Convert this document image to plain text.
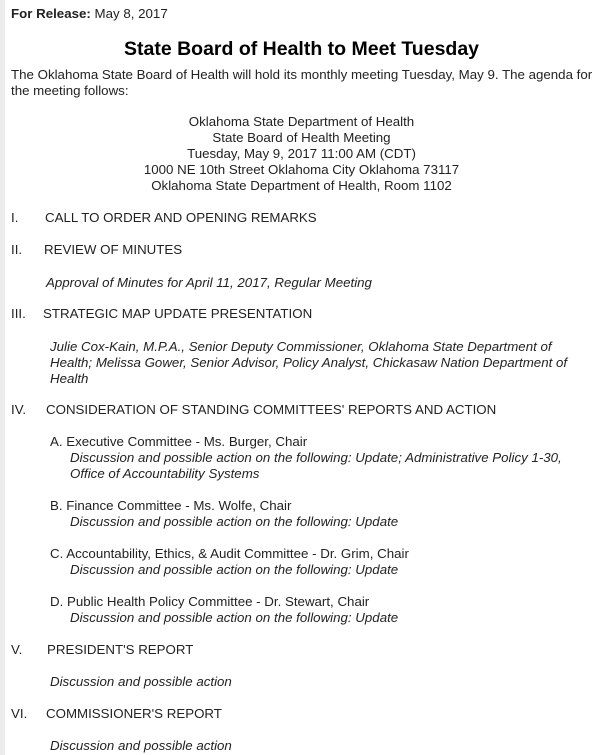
For Release: May 8, 2017
State Board of Health to Meet Tuesday
The Oklahoma State Board of Health will hold its monthly meeting Tuesday, May 9. The agenda for the meeting follows:
Oklahoma State Department of Health
State Board of Health Meeting
Tuesday, May 9, 2017 11:00 AM (CDT)
1000 NE 10th Street Oklahoma City Oklahoma 73117
Oklahoma State Department of Health, Room 1102
I. CALL TO ORDER AND OPENING REMARKS
II. REVIEW OF MINUTES
Approval of Minutes for April 11, 2017, Regular Meeting
III. STRATEGIC MAP UPDATE PRESENTATION
Julie Cox-Kain, M.P.A., Senior Deputy Commissioner, Oklahoma State Department of
Health; Melissa Gower, Senior Advisor, Policy Analyst, Chickasaw Nation Department of
Health
IV. CONSIDERATION OF STANDING COMMITTEES' REPORTS AND ACTION
A. Executive Committee - Ms. Burger, Chair
Discussion and possible action on the following: Update; Administrative Policy 1-30,
Office of Accountability Systems
B. Finance Committee - Ms. Wolfe, Chair
Discussion and possible action on the following: Update
C. Accountability, Ethics, & Audit Committee - Dr. Grim, Chair
Discussion and possible action on the following: Update
D. Public Health Policy Committee - Dr. Stewart, Chair
Discussion and possible action on the following: Update
V. PRESIDENT'S REPORT
Discussion and possible action
VI. COMMISSIONER'S REPORT
Discussion and possible action
